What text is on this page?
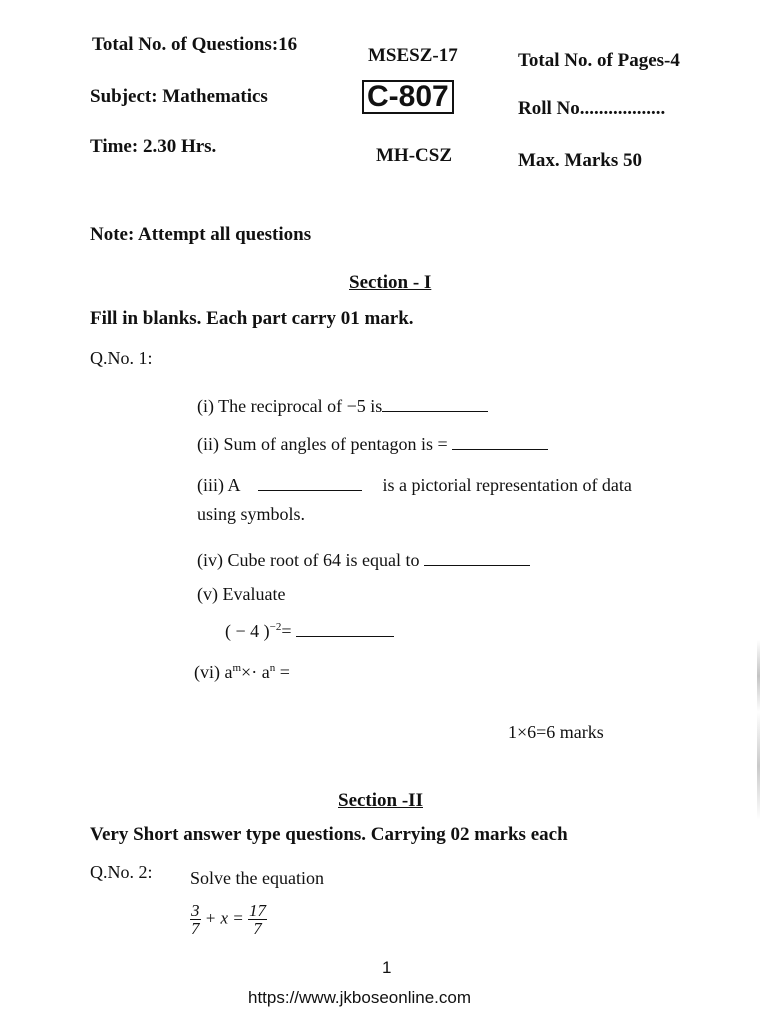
Total No. of Questions:16
MSESZ-17	Total No. of Pages-4
Subject: Mathematics	C-807	Roll No..................
Time: 2.30 Hrs.	MH-CSZ	Max. Marks 50
Note: Attempt all questions
Section - I
Fill in blanks. Each part carry 01 mark.
Q.No. 1:
(i) The reciprocal of −5 is
(ii) Sum of angles of pentagon is =
(iii) A	is a pictorial representation of data
using symbols.
(iv) Cube root of 64 is equal to
(v) Evaluate
( − 4 )$^{-2}$=
(vi) $a^m\times\cdot a^n$ =
1×6=6 marks
Section -II
Very Short answer type questions. Carrying 02 marks each
Q.No. 2: Solve the equation
$\frac{3}{7} + x = \frac{17}{7}$
1
https://www.jkboseonline.com
